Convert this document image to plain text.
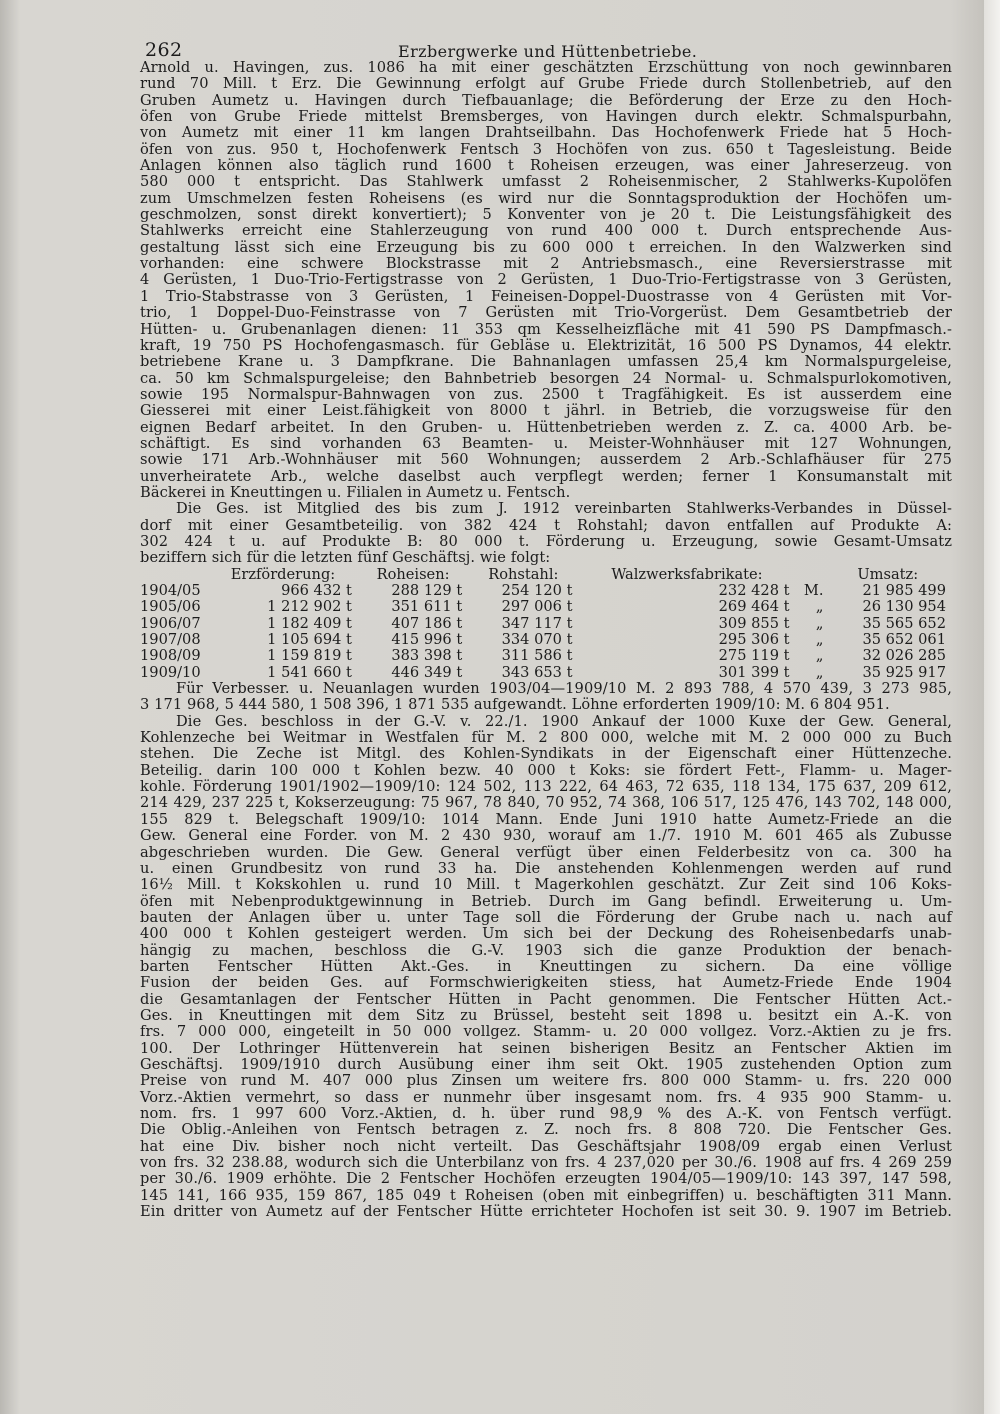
262	Erzbergwerke und Hüttenbetriebe.
Arnold u. Havingen, zus. 1086 ha mit einer geschätzten Erzschüttung von noch gewinnbaren
rund 70 Mill. t Erz. Die Gewinnung erfolgt auf Grube Friede durch Stollenbetrieb, auf den
Gruben Aumetz u. Havingen durch Tiefbauanlage; die Beförderung der Erze zu den Hoch-
öfen von Grube Friede mittelst Bremsberges, von Havingen durch elektr. Schmalspurbahn,
von Aumetz mit einer 11 km langen Drahtseilbahn. Das Hochofenwerk Friede hat 5 Hoch-
öfen von zus. 950 t, Hochofenwerk Fentsch 3 Hochöfen von zus. 650 t Tagesleistung. Beide
Anlagen können also täglich rund 1600 t Roheisen erzeugen, was einer Jahreserzeug. von
580 000 t entspricht. Das Stahlwerk umfasst 2 Roheisenmischer, 2 Stahlwerks-Kupolöfen
zum Umschmelzen festen Roheisens (es wird nur die Sonntagsproduktion der Hochöfen um-
geschmolzen, sonst direkt konvertiert); 5 Konventer von je 20 t. Die Leistungsfähigkeit des
Stahlwerks erreicht eine Stahlerzeugung von rund 400 000 t. Durch entsprechende Aus-
gestaltung lässt sich eine Erzeugung bis zu 600 000 t erreichen. In den Walzwerken sind
vorhanden: eine schwere Blockstrasse mit 2 Antriebsmasch., eine Reversierstrasse mit
4 Gerüsten, 1 Duo-Trio-Fertigstrasse von 2 Gerüsten, 1 Duo-Trio-Fertigstrasse von 3 Gerüsten,
1 Trio-Stabstrasse von 3 Gerüsten, 1 Feineisen-Doppel-Duostrasse von 4 Gerüsten mit Vor-
trio, 1 Doppel-Duo-Feinstrasse von 7 Gerüsten mit Trio-Vorgerüst. Dem Gesamtbetrieb der
Hütten- u. Grubenanlagen dienen: 11 353 qm Kesselheizfläche mit 41 590 PS Dampfmasch.-
kraft, 19 750 PS Hochofengasmasch. für Gebläse u. Elektrizität, 16 500 PS Dynamos, 44 elektr.
betriebene Krane u. 3 Dampfkrane. Die Bahnanlagen umfassen 25,4 km Normalspurgeleise,
ca. 50 km Schmalspurgeleise; den Bahnbetrieb besorgen 24 Normal- u. Schmalspurlokomotiven,
sowie 195 Normalspur-Bahnwagen von zus. 2500 t Tragfähigkeit. Es ist ausserdem eine
Giesserei mit einer Leist.fähigkeit von 8000 t jährl. in Betrieb, die vorzugsweise für den
eignen Bedarf arbeitet. In den Gruben- u. Hüttenbetrieben werden z. Z. ca. 4000 Arb. be-
schäftigt. Es sind vorhanden 63 Beamten- u. Meister-Wohnhäuser mit 127 Wohnungen,
sowie 171 Arb.-Wohnhäuser mit 560 Wohnungen; ausserdem 2 Arb.-Schlafhäuser für 275
unverheiratete Arb., welche daselbst auch verpflegt werden; ferner 1 Konsumanstalt mit
Bäckerei in Kneuttingen u. Filialen in Aumetz u. Fentsch.
Die Ges. ist Mitglied des bis zum J. 1912 vereinbarten Stahlwerks-Verbandes in Düssel-
dorf mit einer Gesamtbeteilig. von 382 424 t Rohstahl; davon entfallen auf Produkte A:
302 424 t u. auf Produkte B: 80 000 t. Förderung u. Erzeugung, sowie Gesamt-Umsatz
beziffern sich für die letzten fünf Geschäftsj. wie folgt:
	Erzförderung:	Roheisen:	Rohstahl:	Walzwerksfabrikate:		Umsatz:
1904/05	966 432 t	288 129 t	254 120 t	232 428 t	M.	21 985 499
1905/06	1 212 902 t	351 611 t	297 006 t	269 464 t	„	26 130 954
1906/07	1 182 409 t	407 186 t	347 117 t	309 855 t	„	35 565 652
1907/08	1 105 694 t	415 996 t	334 070 t	295 306 t	„	35 652 061
1908/09	1 159 819 t	383 398 t	311 586 t	275 119 t	„	32 026 285
1909/10	1 541 660 t	446 349 t	343 653 t	301 399 t	„	35 925 917
Für Verbesser. u. Neuanlagen wurden 1903/04—1909/10 M. 2 893 788, 4 570 439, 3 273 985,
3 171 968, 5 444 580, 1 508 396, 1 871 535 aufgewandt. Löhne erforderten 1909/10: M. 6 804 951.
Die Ges. beschloss in der G.-V. v. 22./1. 1900 Ankauf der 1000 Kuxe der Gew. General,
Kohlenzeche bei Weitmar in Westfalen für M. 2 800 000, welche mit M. 2 000 000 zu Buch
stehen. Die Zeche ist Mitgl. des Kohlen-Syndikats in der Eigenschaft einer Hüttenzeche.
Beteilig. darin 100 000 t Kohlen bezw. 40 000 t Koks: sie fördert Fett-, Flamm- u. Mager-
kohle. Förderung 1901/1902—1909/10: 124 502, 113 222, 64 463, 72 635, 118 134, 175 637, 209 612,
214 429, 237 225 t, Kokserzeugung: 75 967, 78 840, 70 952, 74 368, 106 517, 125 476, 143 702, 148 000,
155 829 t. Belegschaft 1909/10: 1014 Mann. Ende Juni 1910 hatte Aumetz-Friede an die
Gew. General eine Forder. von M. 2 430 930, worauf am 1./7. 1910 M. 601 465 als Zubusse
abgeschrieben wurden. Die Gew. General verfügt über einen Felderbesitz von ca. 300 ha
u. einen Grundbesitz von rund 33 ha. Die anstehenden Kohlenmengen werden auf rund
16½ Mill. t Kokskohlen u. rund 10 Mill. t Magerkohlen geschätzt. Zur Zeit sind 106 Koks-
öfen mit Nebenproduktgewinnung in Betrieb. Durch im Gang befindl. Erweiterung u. Um-
bauten der Anlagen über u. unter Tage soll die Förderung der Grube nach u. nach auf
400 000 t Kohlen gesteigert werden. Um sich bei der Deckung des Roheisenbedarfs unab-
hängig zu machen, beschloss die G.-V. 1903 sich die ganze Produktion der benach-
barten Fentscher Hütten Akt.-Ges. in Kneuttingen zu sichern. Da eine völlige
Fusion der beiden Ges. auf Formschwierigkeiten stiess, hat Aumetz-Friede Ende 1904
die Gesamtanlagen der Fentscher Hütten in Pacht genommen. Die Fentscher Hütten Act.-
Ges. in Kneuttingen mit dem Sitz zu Brüssel, besteht seit 1898 u. besitzt ein A.-K. von
frs. 7 000 000, eingeteilt in 50 000 vollgez. Stamm- u. 20 000 vollgez. Vorz.-Aktien zu je frs.
100. Der Lothringer Hüttenverein hat seinen bisherigen Besitz an Fentscher Aktien im
Geschäftsj. 1909/1910 durch Ausübung einer ihm seit Okt. 1905 zustehenden Option zum
Preise von rund M. 407 000 plus Zinsen um weitere frs. 800 000 Stamm- u. frs. 220 000
Vorz.-Aktien vermehrt, so dass er nunmehr über insgesamt nom. frs. 4 935 900 Stamm- u.
nom. frs. 1 997 600 Vorz.-Aktien, d. h. über rund 98,9 % des A.-K. von Fentsch verfügt.
Die Oblig.-Anleihen von Fentsch betragen z. Z. noch frs. 8 808 720. Die Fentscher Ges.
hat eine Div. bisher noch nicht verteilt. Das Geschäftsjahr 1908/09 ergab einen Verlust
von frs. 32 238.88, wodurch sich die Unterbilanz von frs. 4 237,020 per 30./6. 1908 auf frs. 4 269 259
per 30./6. 1909 erhöhte. Die 2 Fentscher Hochöfen erzeugten 1904/05—1909/10: 143 397, 147 598,
145 141, 166 935, 159 867, 185 049 t Roheisen (oben mit einbegriffen) u. beschäftigten 311 Mann.
Ein dritter von Aumetz auf der Fentscher Hütte errichteter Hochofen ist seit 30. 9. 1907 im Betrieb.
